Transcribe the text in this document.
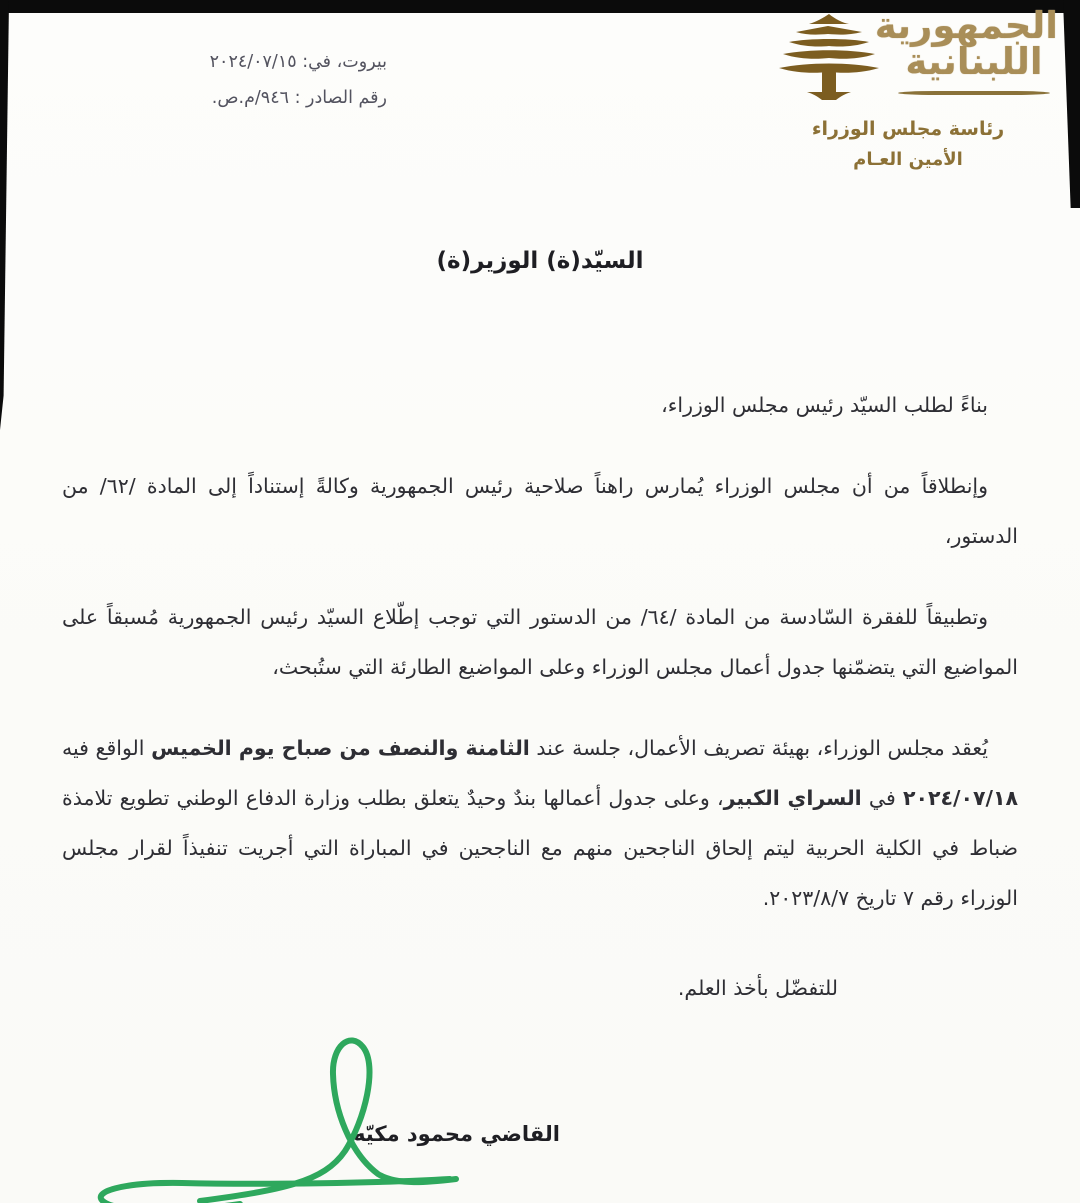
الجمهورية
اللبنانية
رئاسة مجلس الوزراء
الأمين العـام
بيروت، في: ٢٠٢٤/٠٧/١٥
رقم الصادر : ٩٤٦/م.ص.
السيّد(ة) الوزير(ة)

بناءً لطلب السيّد رئيس مجلس الوزراء،

وإنطلاقاً من أن مجلس الوزراء يُمارس راهناً صلاحية رئيس الجمهورية وكالةً إستناداً إلى المادة /٦٢/ من الدستور،

وتطبيقاً للفقرة السّادسة من المادة /٦٤/ من الدستور التي توجب إطّلاع السيّد رئيس الجمهورية مُسبقاً على المواضيع التي يتضمّنها جدول أعمال مجلس الوزراء وعلى المواضيع الطارئة التي ستُبحث،

يُعقد مجلس الوزراء، بهيئة تصريف الأعمال، جلسة عند الثامنة والنصف من صباح يوم الخميس الواقع فيه ٢٠٢٤/٠٧/١٨ في السراي الكبير، وعلى جدول أعمالها بندٌ وحيدٌ يتعلق بطلب وزارة الدفاع الوطني تطويع تلامذة ضباط في الكلية الحربية ليتم إلحاق الناجحين منهم مع الناجحين في المباراة التي أجريت تنفيذاً لقرار مجلس الوزراء رقم ٧ تاريخ ٢٠٢٣/٨/٧.

للتفضّل بأخذ العلم.
القاضي محمود مكيّه
